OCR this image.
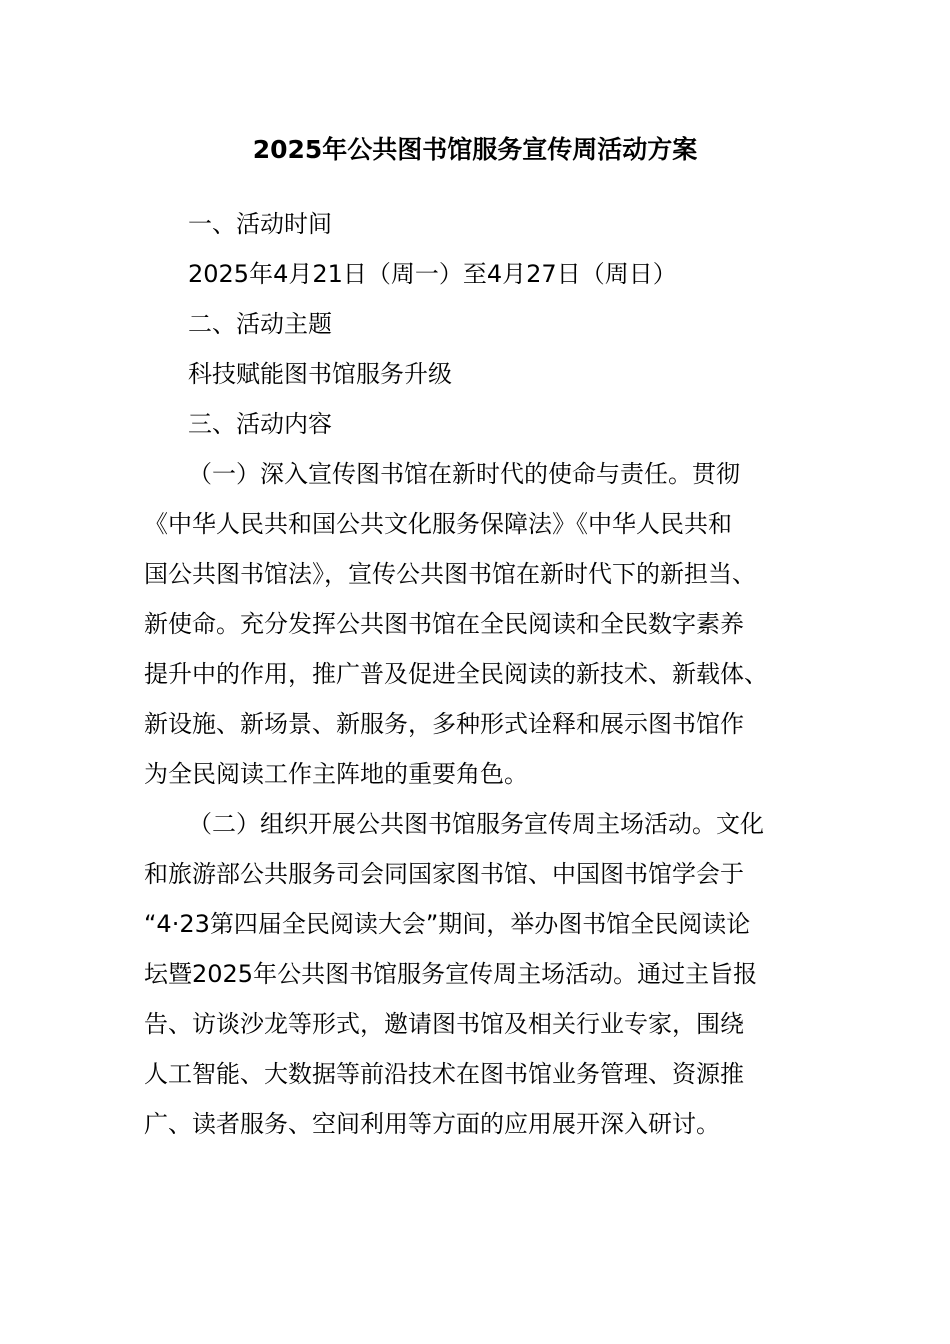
2025年公共图书馆服务宣传周活动方案
一、活动时间
2025年4月21日（周一）至4月27日（周日）
二、活动主题
科技赋能图书馆服务升级
三、活动内容
（一）深入宣传图书馆在新时代的使命与责任。贯彻
《中华人民共和国公共文化服务保障法》《中华人民共和
国公共图书馆法》，宣传公共图书馆在新时代下的新担当、
新使命。充分发挥公共图书馆在全民阅读和全民数字素养
提升中的作用，推广普及促进全民阅读的新技术、新载体、
新设施、新场景、新服务，多种形式诠释和展示图书馆作
为全民阅读工作主阵地的重要角色。
（二）组织开展公共图书馆服务宣传周主场活动。文化
和旅游部公共服务司会同国家图书馆、中国图书馆学会于
“4·23第四届全民阅读大会”期间，举办图书馆全民阅读论
坛暨2025年公共图书馆服务宣传周主场活动。通过主旨报
告、访谈沙龙等形式，邀请图书馆及相关行业专家，围绕
人工智能、大数据等前沿技术在图书馆业务管理、资源推
广、读者服务、空间利用等方面的应用展开深入研讨。
